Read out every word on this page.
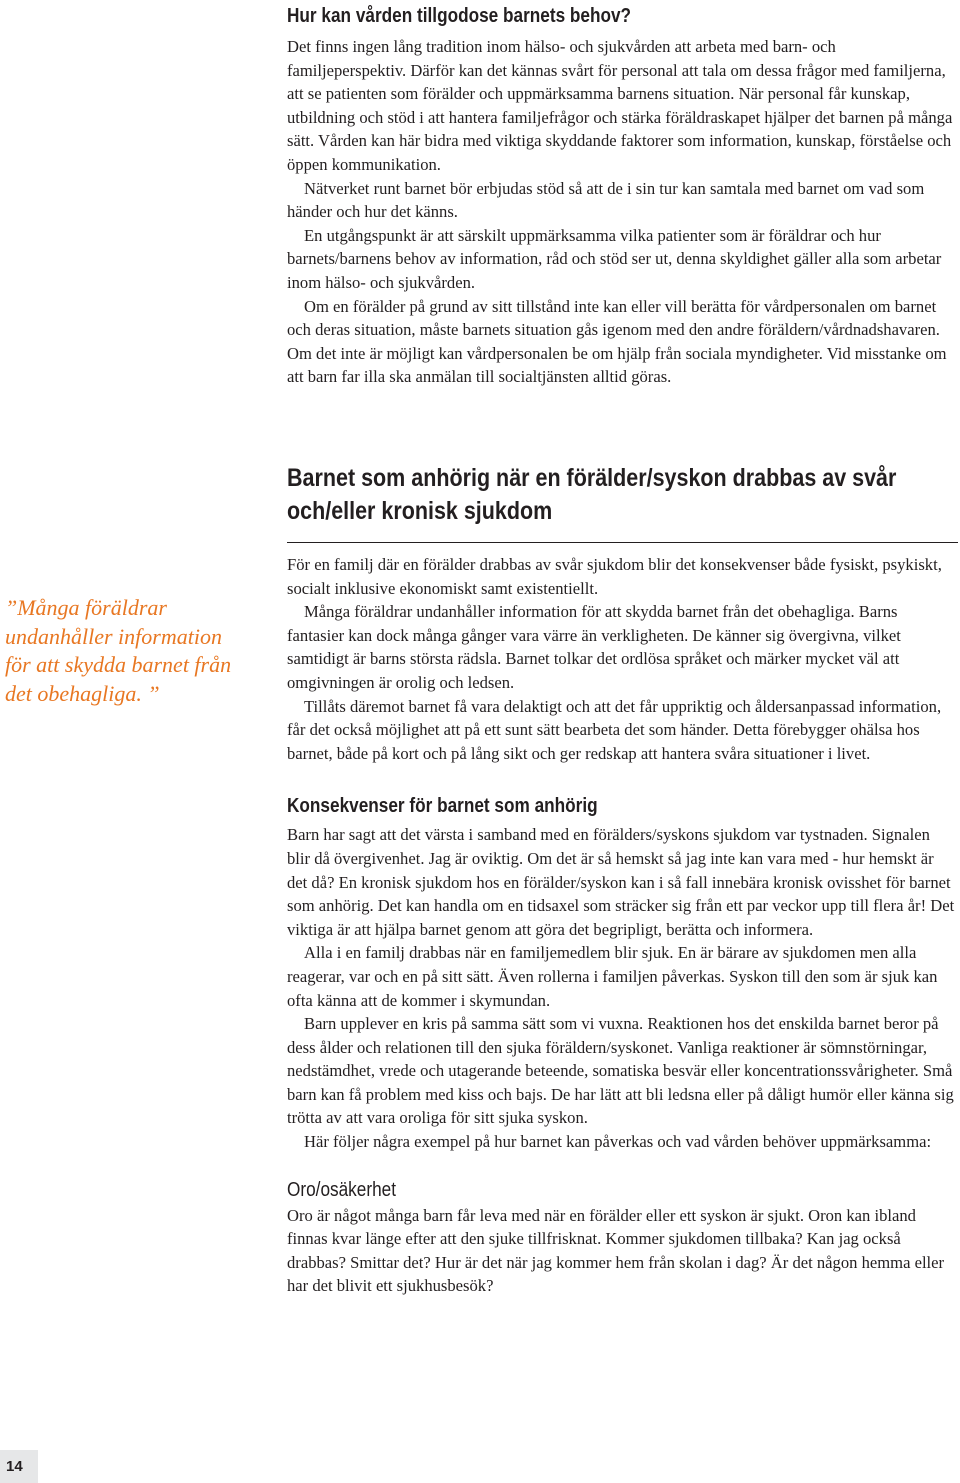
Hur kan vården tillgodose barnets behov?

Det finns ingen lång tradition inom hälso- och sjukvården att arbeta med barn- och familjeperspektiv. Därför kan det kännas svårt för personal att tala om dessa frågor med familjerna, att se patienten som förälder och uppmärksamma barnens situation. När personal får kunskap, utbildning och stöd i att hantera familjefrågor och stärka föräldraskapet hjälper det barnen på många sätt. Vården kan här bidra med viktiga skyddande faktorer som information, kunskap, förståelse och öppen kommunikation.

Nätverket runt barnet bör erbjudas stöd så att de i sin tur kan samtala med barnet om vad som händer och hur det känns.

En utgångspunkt är att särskilt uppmärksamma vilka patienter som är föräldrar och hur barnets/barnens behov av information, råd och stöd ser ut, denna skyldighet gäller alla som arbetar inom hälso- och sjukvården.

Om en förälder på grund av sitt tillstånd inte kan eller vill berätta för vårdpersonalen om barnet och deras situation, måste barnets situation gås igenom med den andre föräldern/vårdnadshavaren. Om det inte är möjligt kan vårdpersonalen be om hjälp från sociala myndigheter. Vid misstanke om att barn far illa ska anmälan till socialtjänsten alltid göras.

Barnet som anhörig när en förälder/syskon drabbas av svår och/eller kronisk sjukdom

För en familj där en förälder drabbas av svår sjukdom blir det konsekvenser både fysiskt, psykiskt, socialt inklusive ekonomiskt samt existentiellt.

Många föräldrar undanhåller information för att skydda barnet från det obehagliga. Barns fantasier kan dock många gånger vara värre än verkligheten. De känner sig övergivna, vilket samtidigt är barns största rädsla. Barnet tolkar det ordlösa språket och märker mycket väl att omgivningen är orolig och ledsen.

Tillåts däremot barnet få vara delaktigt och att det får uppriktig och åldersanpassad information, får det också möjlighet att på ett sunt sätt bearbeta det som händer. Detta förebygger ohälsa hos barnet, både på kort och på lång sikt och ger redskap att hantera svåra situationer i livet.

Konsekvenser för barnet som anhörig

Barn har sagt att det värsta i samband med en förälders/syskons sjukdom var tystnaden. Signalen blir då övergivenhet. Jag är oviktig. Om det är så hemskt så jag inte kan vara med - hur hemskt är det då? En kronisk sjukdom hos en förälder/syskon kan i så fall innebära kronisk ovisshet för barnet som anhörig. Det kan handla om en tidsaxel som sträcker sig från ett par veckor upp till flera år! Det viktiga är att hjälpa barnet genom att göra det begripligt, berätta och informera.

Alla i en familj drabbas när en familjemedlem blir sjuk. En är bärare av sjukdomen men alla reagerar, var och en på sitt sätt. Även rollerna i familjen påverkas. Syskon till den som är sjuk kan ofta känna att de kommer i skymundan.

Barn upplever en kris på samma sätt som vi vuxna. Reaktionen hos det enskilda barnet beror på dess ålder och relationen till den sjuka föräldern/syskonet. Vanliga reaktioner är sömnstörningar, nedstämdhet, vrede och utagerande beteende, somatiska besvär eller koncentrationssvårigheter. Små barn kan få problem med kiss och bajs. De har lätt att bli ledsna eller på dåligt humör eller känna sig trötta av att vara oroliga för sitt sjuka syskon.

Här följer några exempel på hur barnet kan påverkas och vad vården behöver uppmärksamma:

Oro/osäkerhet

Oro är något många barn får leva med när en förälder eller ett syskon är sjukt. Oron kan ibland finnas kvar länge efter att den sjuke tillfrisknat. Kommer sjukdomen tillbaka? Kan jag också drabbas? Smittar det? Hur är det när jag kommer hem från skolan i dag? Är det någon hemma eller har det blivit ett sjukhusbesök?

”Många föräldrar undanhåller information för att skydda barnet från det obehagliga. ”
14
